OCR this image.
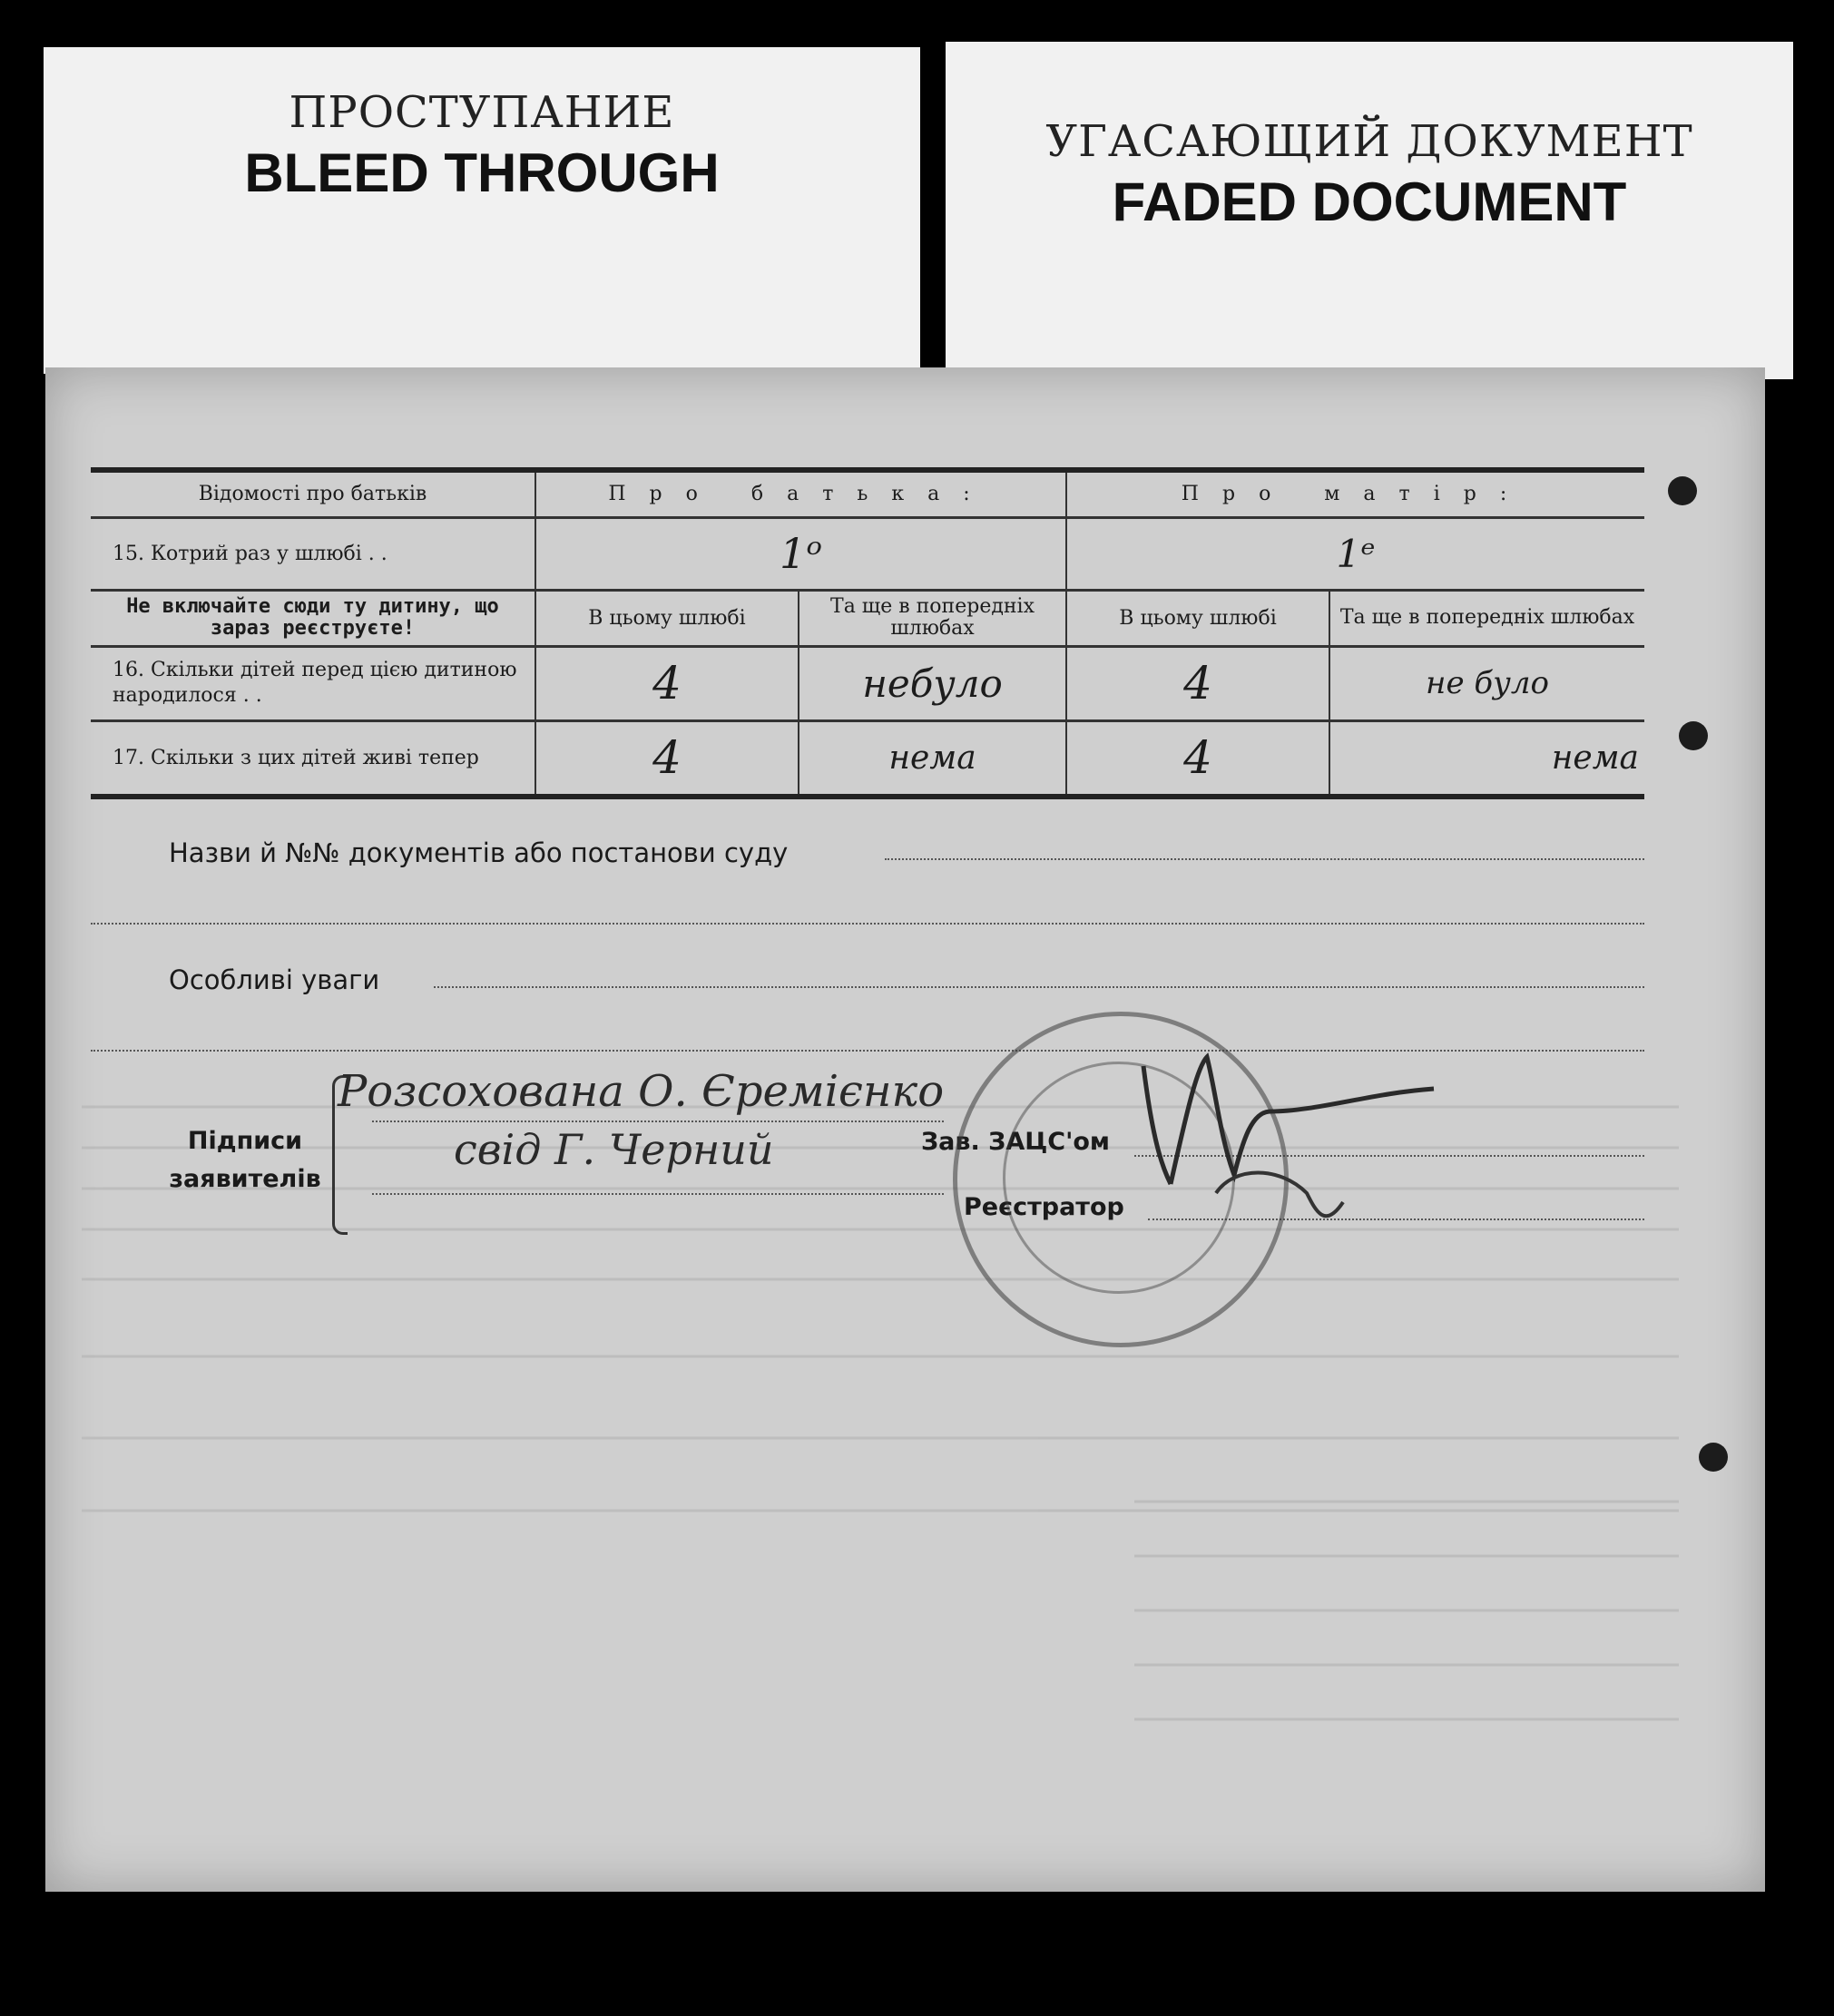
ПРОСТУПАНИЕ
BLEED THROUGH
УГАСАЮЩИЙ ДОКУМЕНТ
FADED DOCUMENT
Відомості про батьків	Про батька:		Про матір:	
15. Котрий раз у шлюбі . .	1ᵒ		1ᵉ	
Не включайте сюди ту дитину, що зараз реєструєте!	В цьому шлюбі	Та ще в попередніх шлюбах	В цьому шлюбі	Та ще в попередніх шлюбах
16. Скільки дітей перед цією дитиною народилося . .	4	небуло	4	не було
17. Скільки з цих дітей живі тепер	4	нема	4	нема
Назви й №№ документів або постанови суду
Особливі уваги
Підписи заявителів
Розсохована О. Єремієнко
свід Г. Черний	Зав. ЗАЦС'ом
Реєстратор
